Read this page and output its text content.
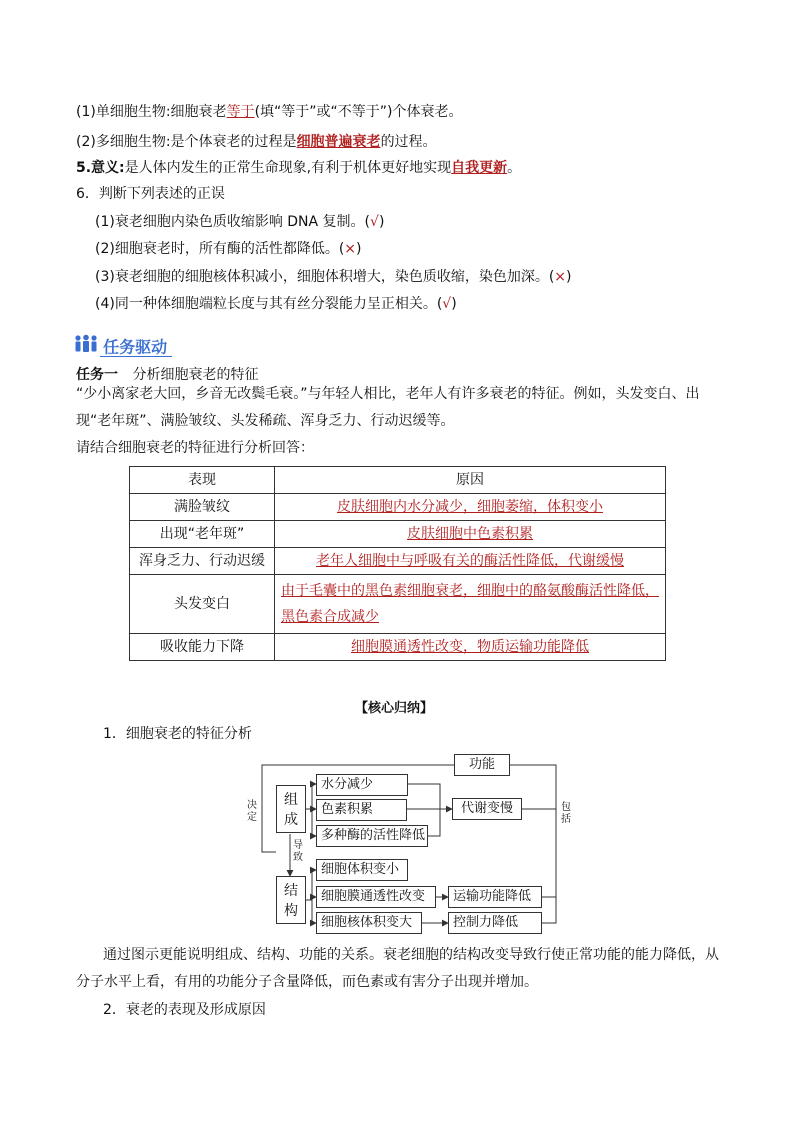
(1)单细胞生物:细胞衰老等于(填“等于”或“不等于”)个体衰老。
(2)多细胞生物:是个体衰老的过程是细胞普遍衰老的过程。
5.意义:是人体内发生的正常生命现象,有利于机体更好地实现自我更新。
6．判断下列表述的正误
(1)衰老细胞内染色质收缩影响 DNA 复制。(√)
(2)细胞衰老时，所有酶的活性都降低。(×)
(3)衰老细胞的细胞核体积减小，细胞体积增大，染色质收缩，染色加深。(×)
(4)同一种体细胞端粒长度与其有丝分裂能力呈正相关。(√)
任务驱动
任务一 分析细胞衰老的特征
“少小离家老大回，乡音无改鬓毛衰。”与年轻人相比，老年人有许多衰老的特征。例如，头发变白、出
现“老年斑”、满脸皱纹、头发稀疏、浑身乏力、行动迟缓等。
请结合细胞衰老的特征进行分析回答：
表现	原因
满脸皱纹	皮肤细胞内水分减少，细胞萎缩，体积变小
出现“老年斑”	皮肤细胞中色素积累
浑身乏力、行动迟缓	老年人细胞中与呼吸有关的酶活性降低，代谢缓慢
头发变白	由于毛囊中的黑色素细胞衰老，细胞中的酪氨酸酶活性降低，黑色素合成减少
吸收能力下降	细胞膜通透性改变，物质运输功能降低
【核心归纳】
1．细胞衰老的特征分析
决定
组成
导致
结构
包括
功能
水分减少
色素积累
多种酶的活性降低
代谢变慢
细胞体积变小
细胞膜通透性改变	运输功能降低
细胞核体积变大	控制力降低
通过图示更能说明组成、结构、功能的关系。衰老细胞的结构改变导致行使正常功能的能力降低，从
分子水平上看，有用的功能分子含量降低，而色素或有害分子出现并增加。
2．衰老的表现及形成原因
